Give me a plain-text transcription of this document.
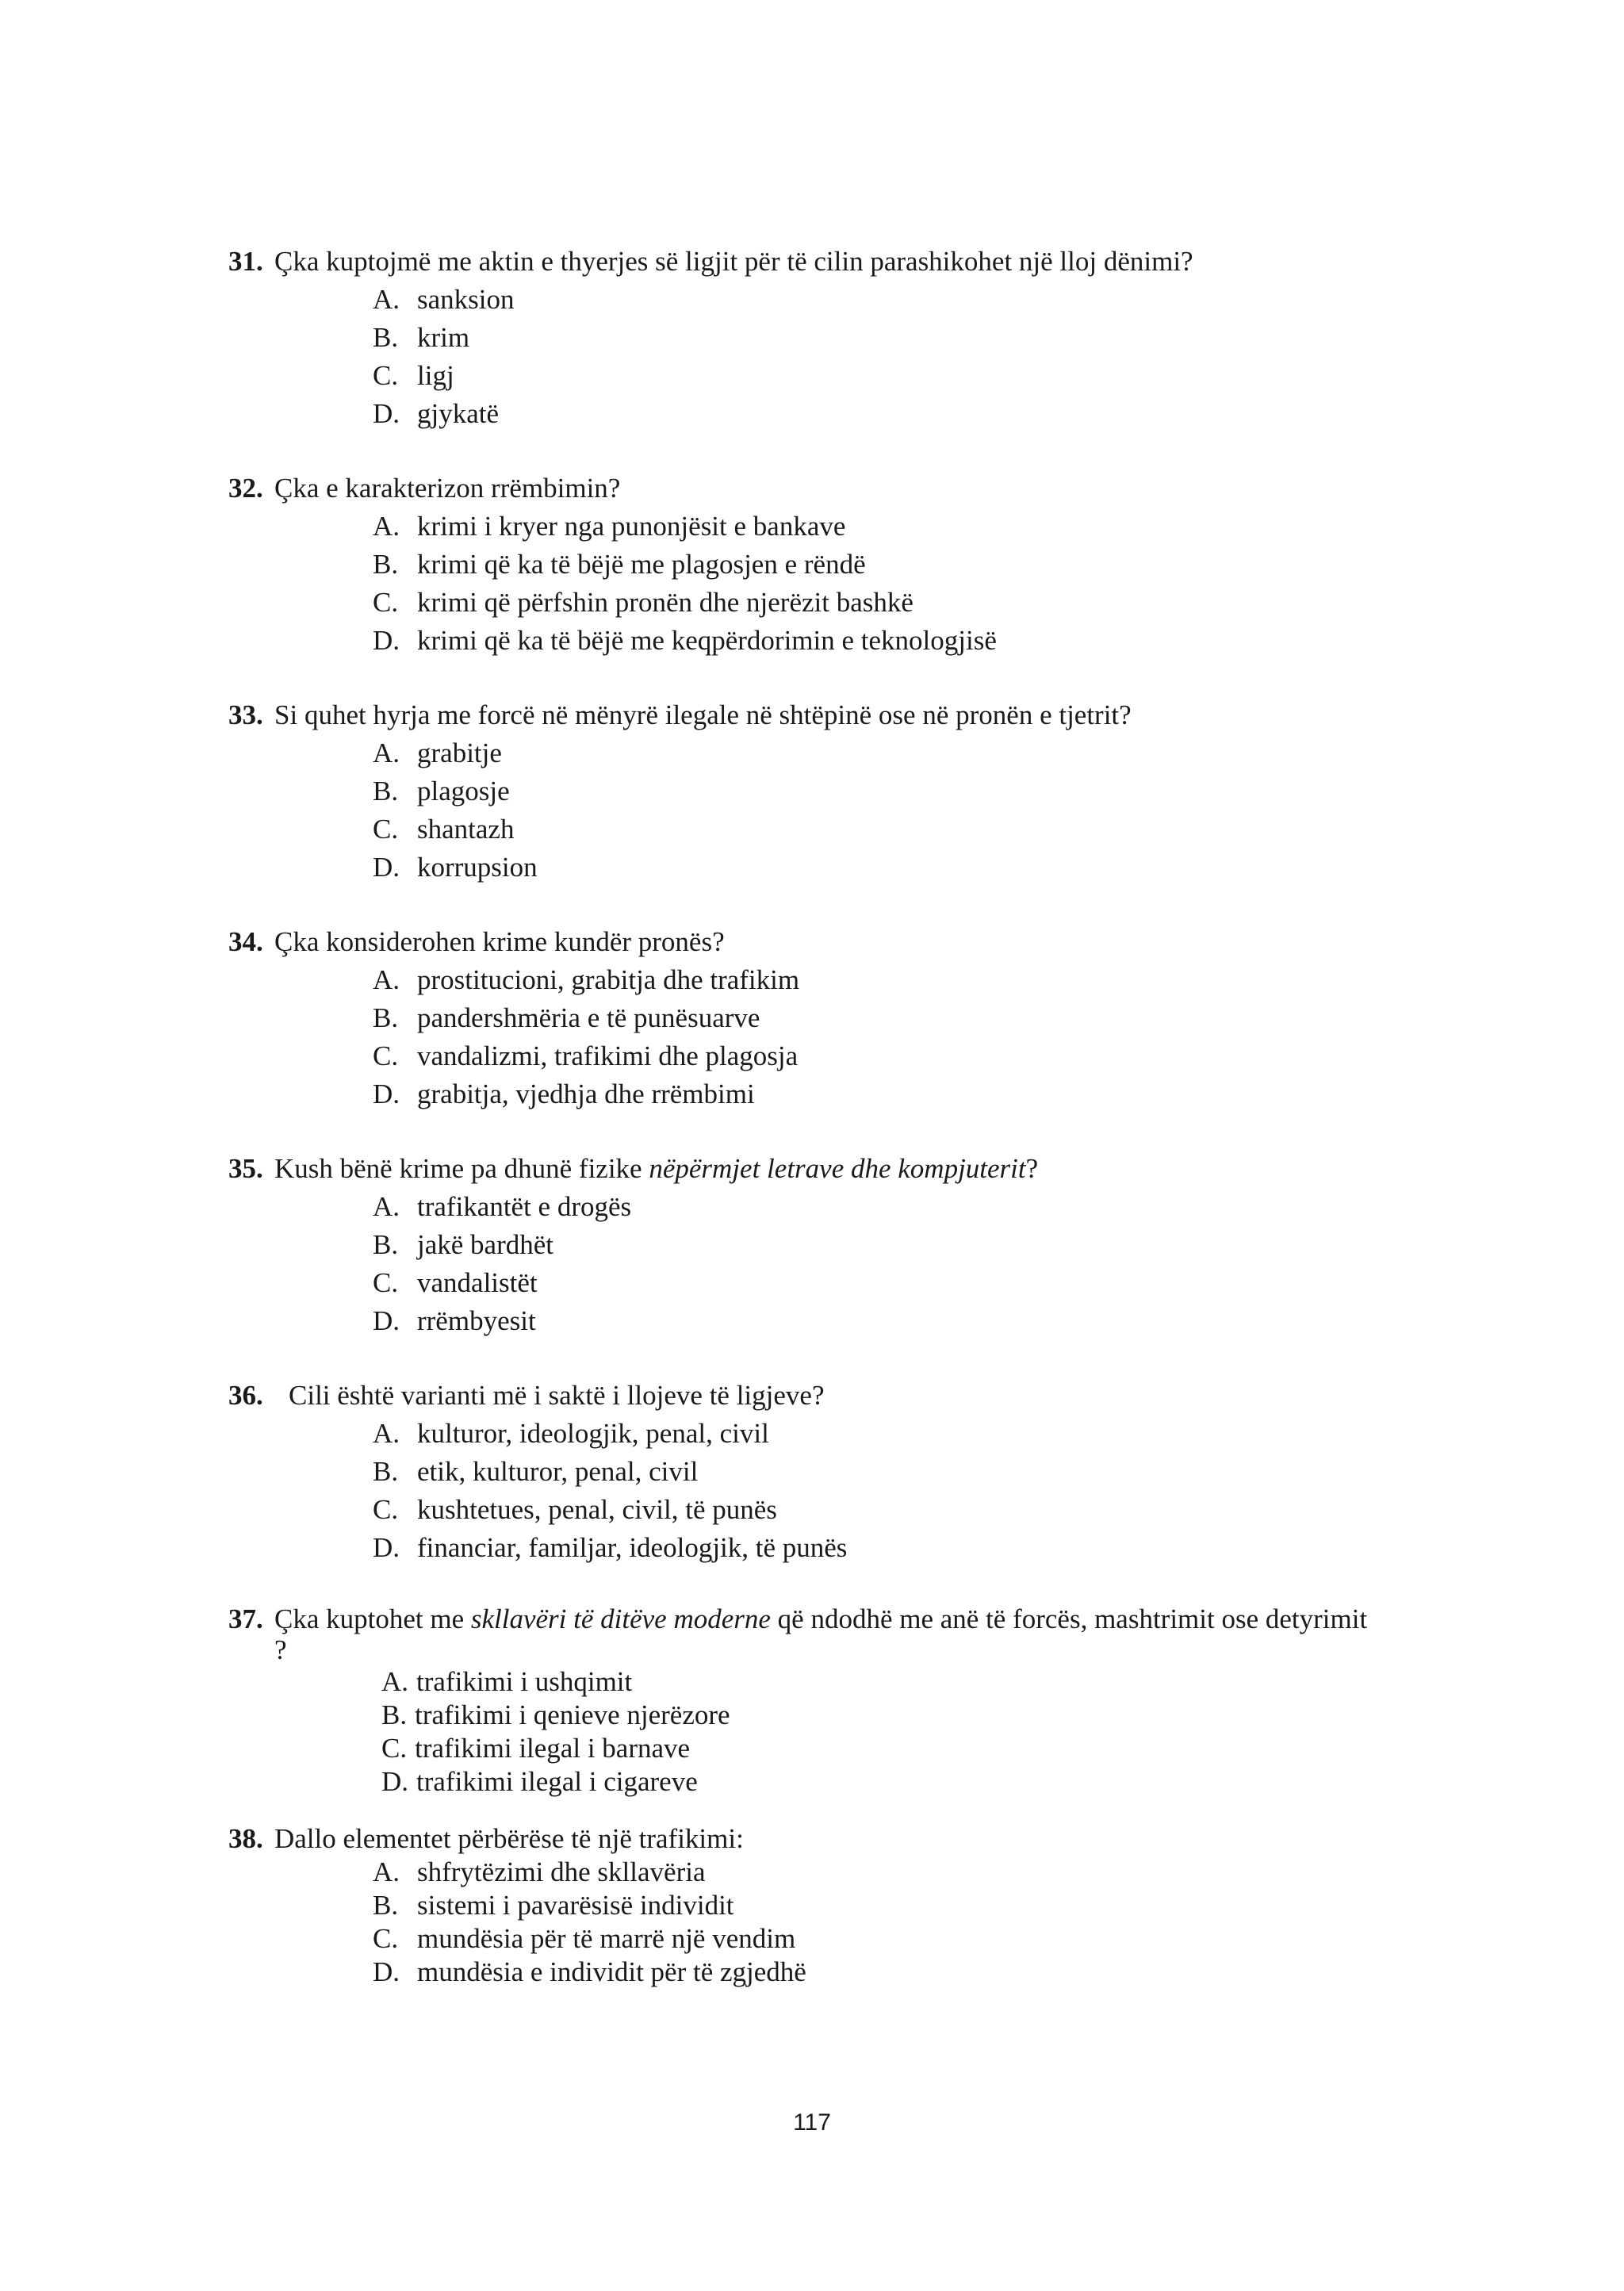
31. Çka kuptojmë me aktin e thyerjes së ligjit për të cilin parashikohet një lloj dënimi?
A. sanksion
B. krim
C. ligj
D. gjykatë
32. Çka e karakterizon rrëmbimin?
A. krimi i kryer nga punonjësit e bankave
B. krimi që ka të bëjë me plagosjen e rëndë
C. krimi që përfshin pronën dhe njerëzit bashkë
D. krimi që ka të bëjë me keqpërdorimin e teknologjisë
33. Si quhet hyrja me forcë në mënyrë ilegale në shtëpinë ose në pronën e tjetrit?
A. grabitje
B. plagosje
C. shantazh
D. korrupsion
34. Çka konsiderohen krime kundër pronës?
A. prostitucioni, grabitja dhe trafikim
B. pandershmëria e të punësuarve
C. vandalizmi, trafikimi dhe plagosja
D. grabitja, vjedhja dhe rrëmbimi
35. Kush bënë krime pa dhunë fizike nëpërmjet letrave dhe kompjuterit?
A. trafikantët e drogës
B. jakë bardhët
C. vandalistët
D. rrëmbyesit
36. Cili është varianti më i saktë i llojeve të ligjeve?
A. kulturor, ideologjik, penal, civil
B. etik, kulturor, penal, civil
C. kushtetues, penal, civil, të punës
D. financiar, familjar, ideologjik, të punës
37. Çka kuptohet me skllavëri të ditëve moderne që ndodhë me anë të forcës, mashtrimit ose detyrimit
?
A. trafikimi i ushqimit
B. trafikimi i qenieve njerëzore
C. trafikimi ilegal i barnave
D. trafikimi ilegal i cigareve
38. Dallo elementet përbërëse të një trafikimi:
A. shfrytëzimi dhe skllavëria
B. sistemi i pavarësisë individit
C. mundësia për të marrë një vendim
D. mundësia e individit për të zgjedhë
117
